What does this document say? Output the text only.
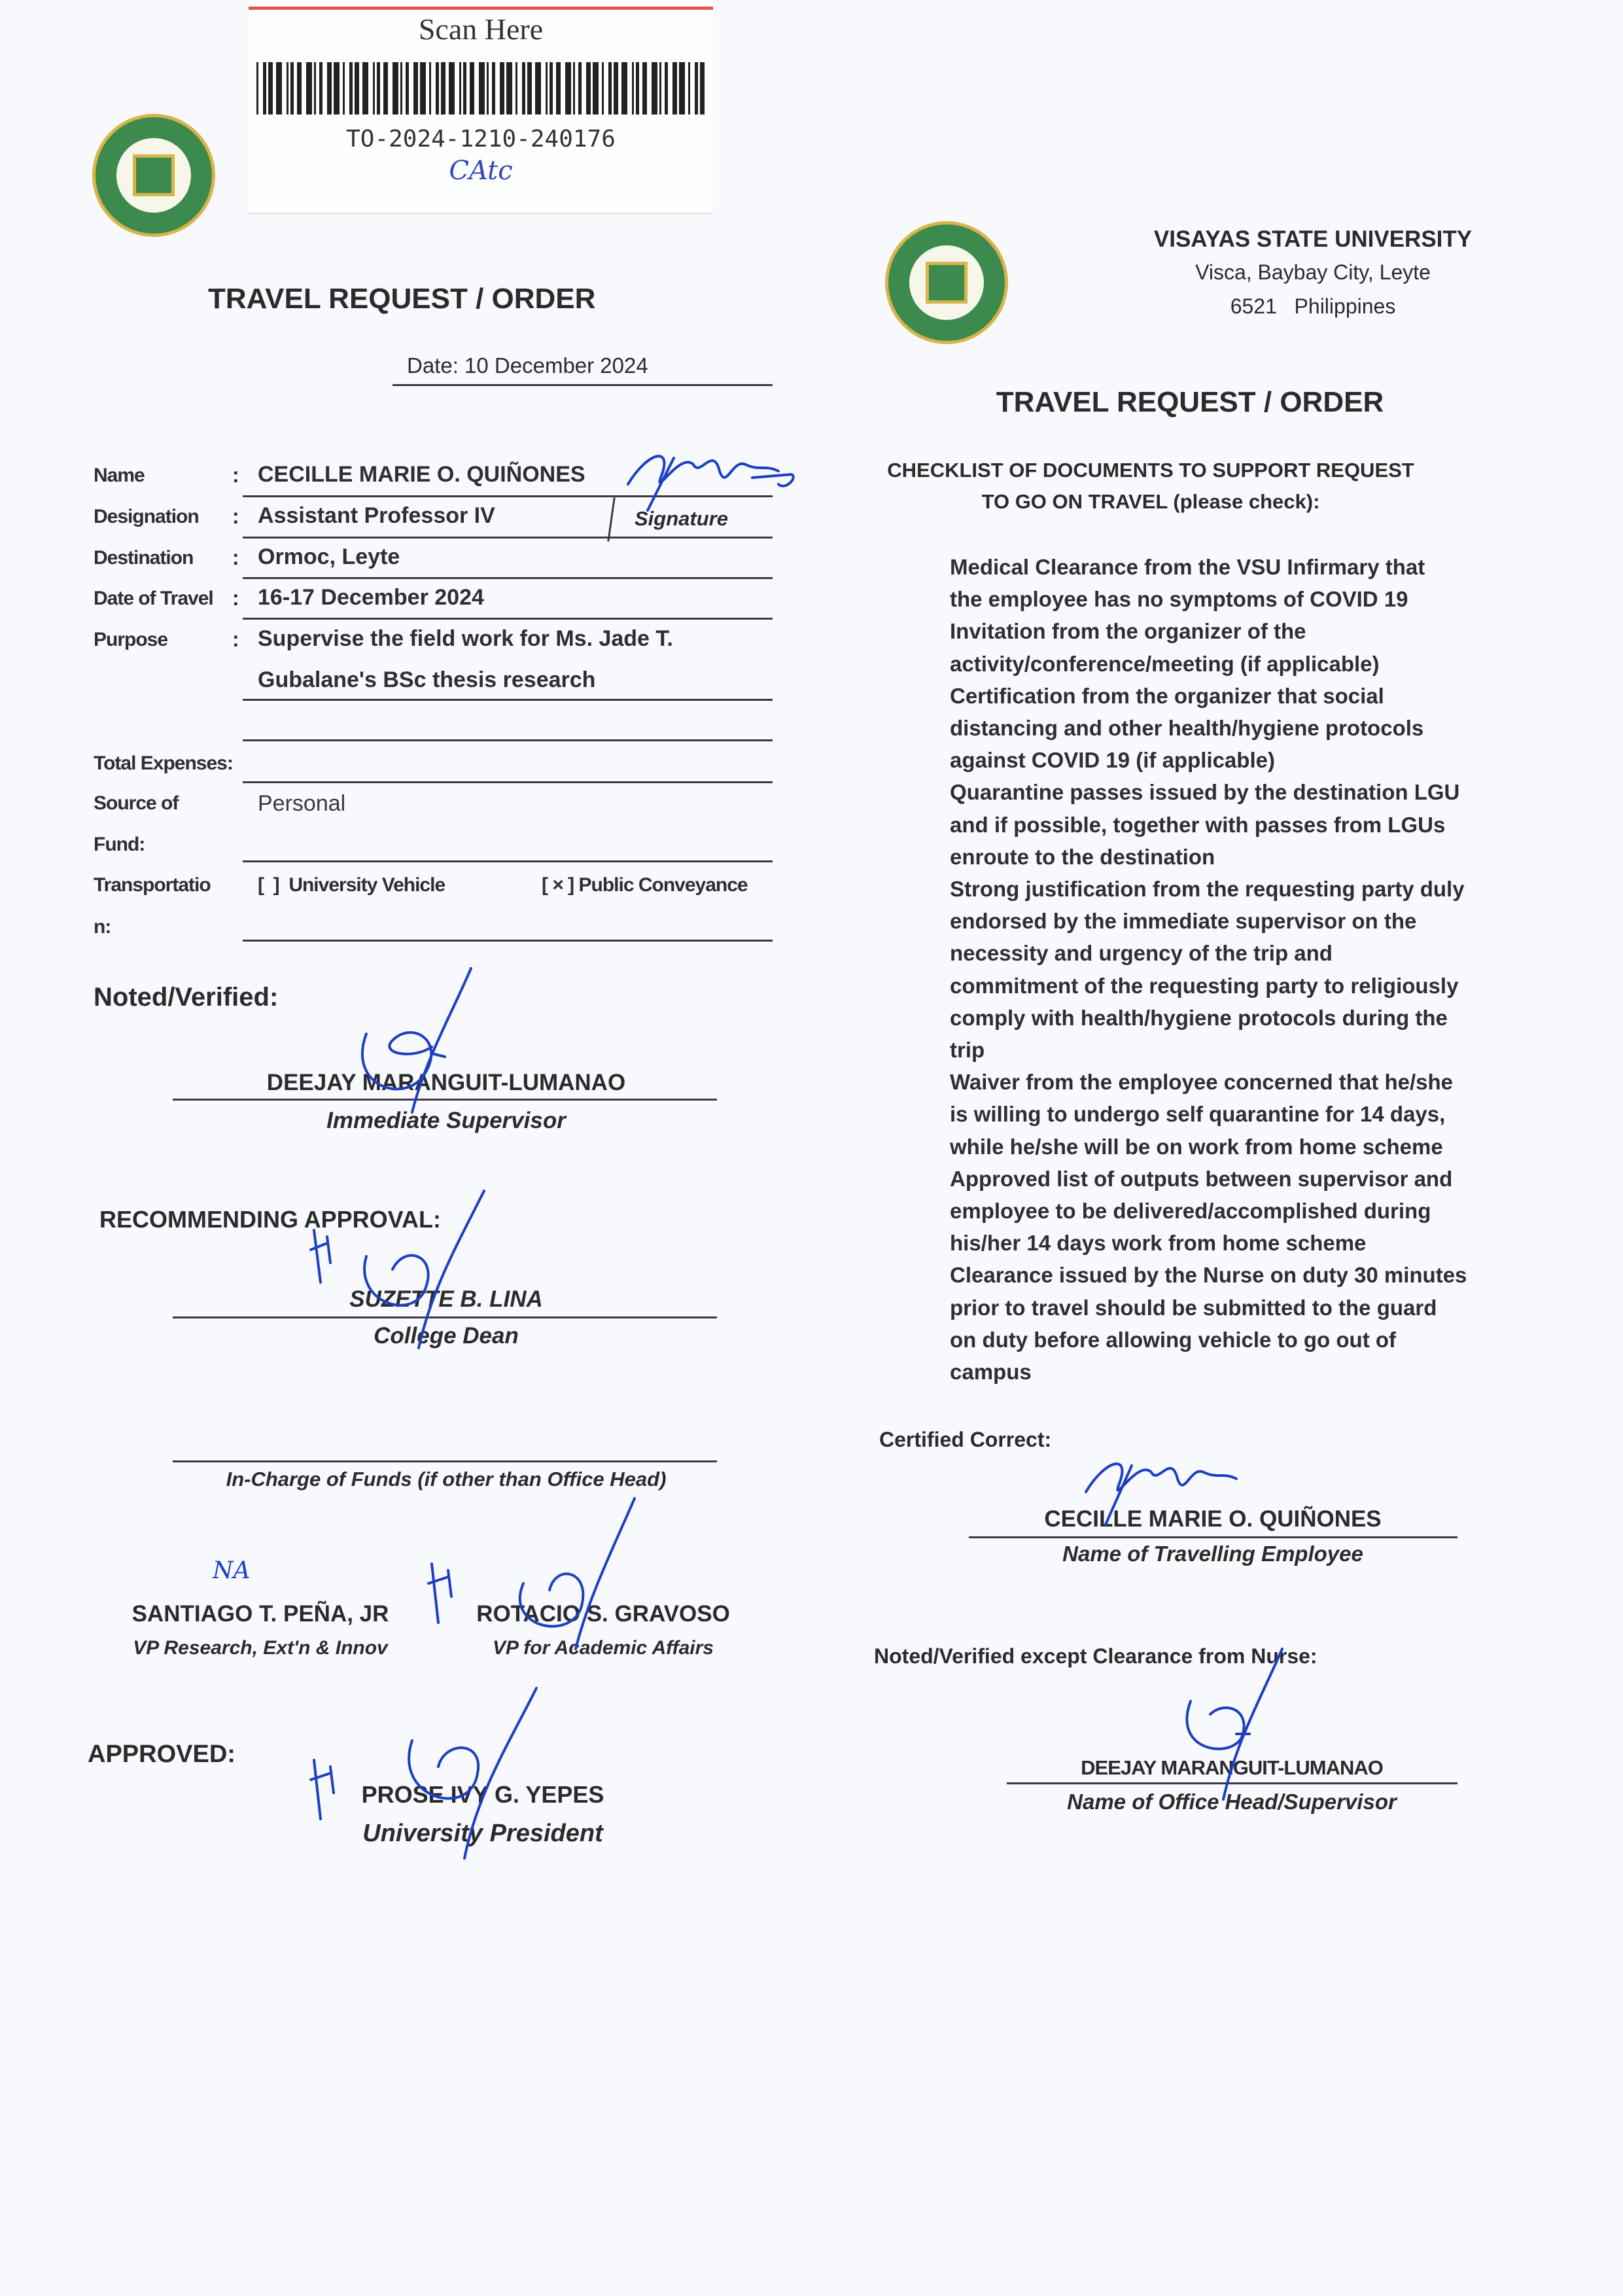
Scan Here
TO-2024-1210-240176
CAtc
TRAVEL REQUEST / ORDER
Date: 10 December 2024
Name	: CECILLE MARIE O. QUIÑONES
Designation : Assistant Professor IV	Signature
Destination : Ormoc, Leyte
Date of Travel : 16-17 December 2024
Purpose	: Supervise the field work for Ms. Jade T.
Gubalane's BSc thesis research
Total Expenses:
Source of
Fund:
Personal
Transportatio
n:
[  ]  University Vehicle	[ × ] Public Conveyance
Noted/Verified:
DEEJAY MARANGUIT-LUMANAO
Immediate Supervisor
RECOMMENDING APPROVAL:
SUZETTE B. LINA
College Dean
In-Charge of Funds (if other than Office Head)
NA
SANTIAGO T. PEÑA, JR
VP Research, Ext'n & Innov
ROTACIO S. GRAVOSO
VP for Academic Affairs
APPROVED:
PROSE IVY G. YEPES
University President
VISAYAS STATE UNIVERSITY
Visca, Baybay City, Leyte
6521   Philippines
TRAVEL REQUEST / ORDER
CHECKLIST OF DOCUMENTS TO SUPPORT REQUEST
TO GO ON TRAVEL (please check):
Medical Clearance from the VSU Infirmary that
the employee has no symptoms of COVID 19
Invitation from the organizer of the
activity/conference/meeting (if applicable)
Certification from the organizer that social
distancing and other health/hygiene protocols
against COVID 19 (if applicable)
Quarantine passes issued by the destination LGU
and if possible, together with passes from LGUs
enroute to the destination
Strong justification from the requesting party duly
endorsed by the immediate supervisor on the
necessity and urgency of the trip and
commitment of the requesting party to religiously
comply with health/hygiene protocols during the
trip
Waiver from the employee concerned that he/she
is willing to undergo self quarantine for 14 days,
while he/she will be on work from home scheme
Approved list of outputs between supervisor and
employee to be delivered/accomplished during
his/her 14 days work from home scheme
Clearance issued by the Nurse on duty 30 minutes
prior to travel should be submitted to the guard
on duty before allowing vehicle to go out of
campus
Certified Correct:
CECILLE MARIE O. QUIÑONES
Name of Travelling Employee
Noted/Verified except Clearance from Nurse:
DEEJAY MARANGUIT-LUMANAO
Name of Office Head/Supervisor
